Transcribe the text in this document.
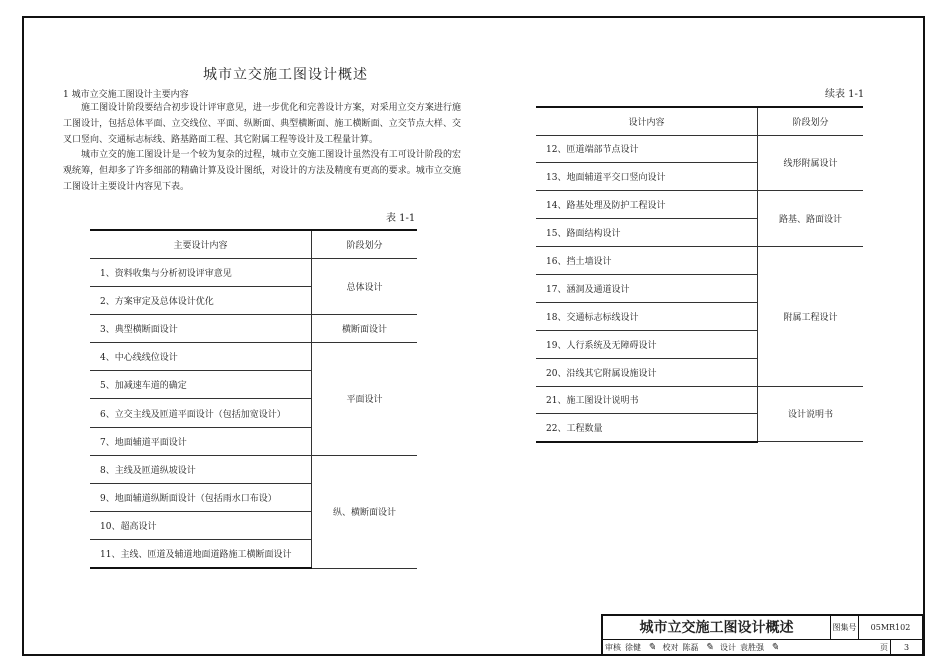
城市立交施工图设计概述
1 城市立交施工图设计主要内容

施工图设计阶段要结合初步设计评审意见，进一步优化和完善设计方案，对采用立交方案进行施工图设计，包括总体平面、立交线位、平面、纵断面、典型横断面、施工横断面、立交节点大样、交叉口竖向、交通标志标线、路基路面工程、其它附属工程等设计及工程量计算。

城市立交的施工图设计是一个较为复杂的过程，城市立交施工图设计虽然没有工可设计阶段的宏观统筹，但却多了许多细部的精确计算及设计图纸，对设计的方法及精度有更高的要求。城市立交施工图设计主要设计内容见下表。

表 1-1
主要设计内容	阶段划分
1、资料收集与分析初设评审意见	总体设计
2、方案审定及总体设计优化	
3、典型横断面设计	横断面设计
4、中心线线位设计	平面设计
5、加减速车道的确定	
6、立交主线及匝道平面设计（包括加宽设计）	
7、地面辅道平面设计	
8、主线及匝道纵坡设计	纵、横断面设计
9、地面辅道纵断面设计（包括雨水口布设）	
10、超高设计	
11、主线、匝道及辅道地面道路施工横断面设计	
续表 1-1
设计内容	阶段划分
12、匝道端部节点设计	线形附属设计
13、地面辅道平交口竖向设计	
14、路基处理及防护工程设计	路基、路面设计
15、路面结构设计	
16、挡土墙设计	附属工程设计
17、涵洞及通道设计	
18、交通标志标线设计	
19、人行系统及无障碍设计	
20、沿线其它附属设施设计	
21、施工图设计说明书	设计说明书
22、工程数量	
城市立交施工图设计概述	图集号	05MR102
审核 徐健 ✎ 校对 陈磊 ✎ 设计 袁胜强 ✎	页	3
